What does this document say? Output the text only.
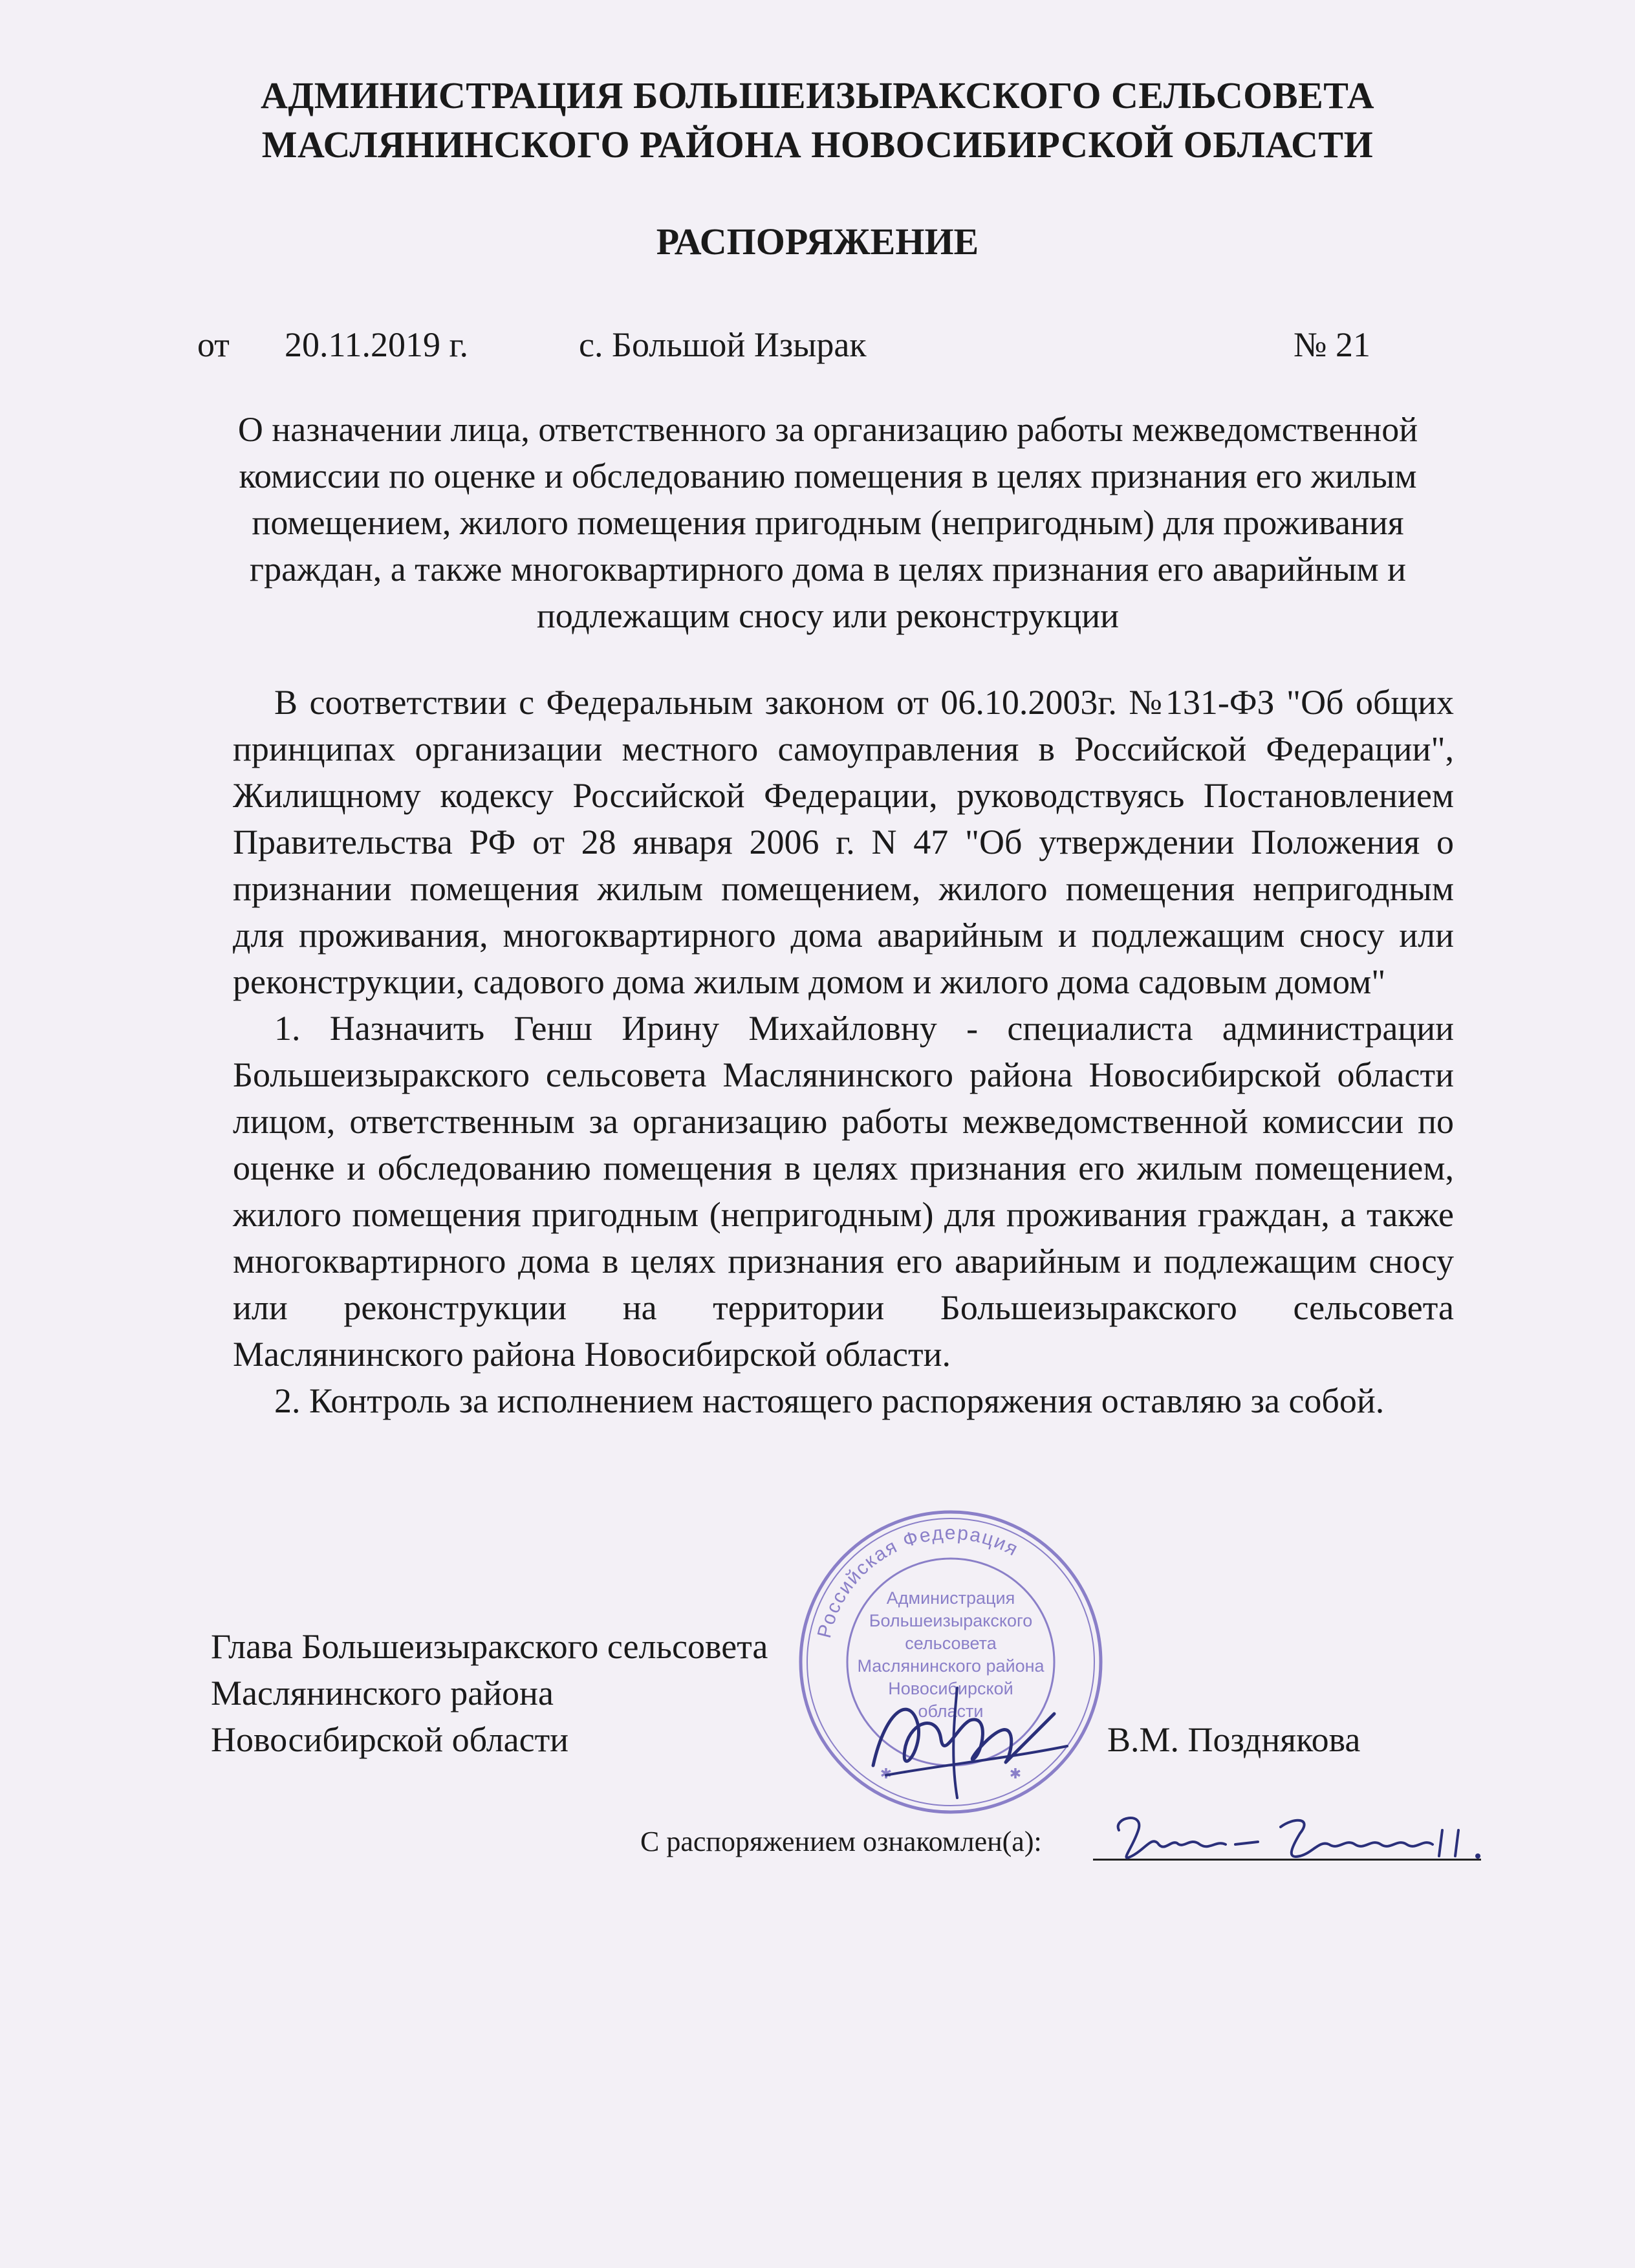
АДМИНИСТРАЦИЯ БОЛЬШЕИЗЫРАКСКОГО СЕЛЬСОВЕТА
МАСЛЯНИНСКОГО РАЙОНА НОВОСИБИРСКОЙ ОБЛАСТИ
РАСПОРЯЖЕНИЕ
от 20.11.2019 г.	с. Большой Изырак	№ 21
О назначении лица, ответственного за организацию работы межведомственной комиссии по оценке и обследованию помещения в целях признания его жилым помещением, жилого помещения пригодным (непригодным) для проживания граждан, а также многоквартирного дома в целях признания его аварийным и подлежащим сносу или реконструкции

В соответствии с Федеральным законом от 06.10.2003г. №131-ФЗ "Об общих принципах организации местного самоуправления в Российской Федерации", Жилищному кодексу Российской Федерации, руководствуясь Постановлением Правительства РФ от 28 января 2006 г. N 47 "Об утверждении Положения о признании помещения жилым помещением, жилого помещения непригодным для проживания, многоквартирного дома аварийным и подлежащим сносу или реконструкции, садового дома жилым домом и жилого дома садовым домом"

1. Назначить Генш Ирину Михайловну - специалиста администрации Большеизыракского сельсовета Маслянинского района Новосибирской области лицом, ответственным за организацию работы межведомственной комиссии по оценке и обследованию помещения в целях признания его жилым помещением, жилого помещения пригодным (непригодным) для проживания граждан, а также многоквартирного дома в целях признания его аварийным и подлежащим сносу или реконструкции на территории Большеизыракского сельсовета Маслянинского района Новосибирской области.

2. Контроль за исполнением настоящего распоряжения оставляю за собой.

Глава Большеизыракского сельсовета
Маслянинского района
Новосибирской области	В.М. Позднякова
Российская Федерация
Администрация
Большеизыракского
сельсовета
Маслянинского района
Новосибирской
области
✱	✱
С распоряжением ознакомлен(а):
